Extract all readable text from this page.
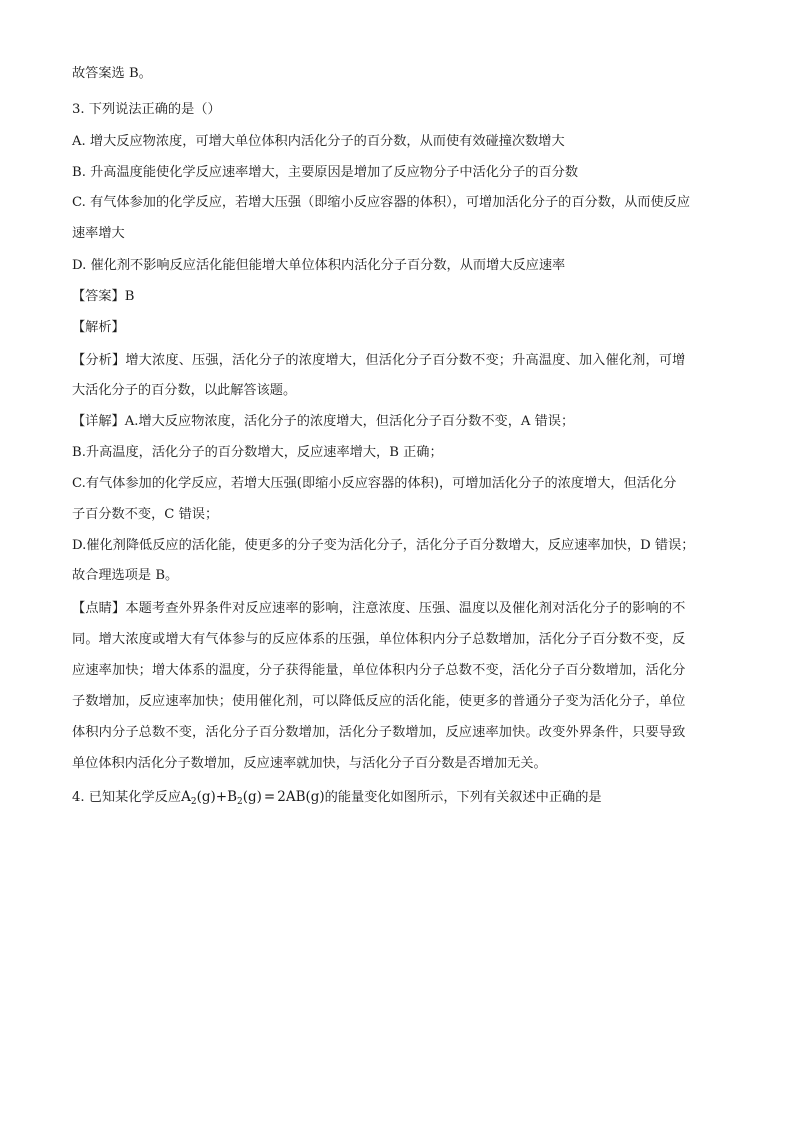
故答案选 B。
3. 下列说法正确的是（）
A. 增大反应物浓度，可增大单位体积内活化分子的百分数，从而使有效碰撞次数增大
B. 升高温度能使化学反应速率增大，主要原因是增加了反应物分子中活化分子的百分数
C. 有气体参加的化学反应，若增大压强（即缩小反应容器的体积），可增加活化分子的百分数，从而使反应
速率增大
D. 催化剂不影响反应活化能但能增大单位体积内活化分子百分数，从而增大反应速率
【答案】B
【解析】
【分析】增大浓度、压强，活化分子的浓度增大，但活化分子百分数不变；升高温度、加入催化剂，可增
大活化分子的百分数，以此解答该题。
【详解】A.增大反应物浓度，活化分子的浓度增大，但活化分子百分数不变，A 错误；
B.升高温度，活化分子的百分数增大，反应速率增大，B 正确；
C.有气体参加的化学反应，若增大压强(即缩小反应容器的体积)，可增加活化分子的浓度增大，但活化分
子百分数不变，C 错误；
D.催化剂降低反应的活化能，使更多的分子变为活化分子，活化分子百分数增大，反应速率加快，D 错误；
故合理选项是 B。
【点睛】本题考查外界条件对反应速率的影响，注意浓度、压强、温度以及催化剂对活化分子的影响的不
同。增大浓度或增大有气体参与的反应体系的压强，单位体积内分子总数增加，活化分子百分数不变，反
应速率加快；增大体系的温度，分子获得能量，单位体积内分子总数不变，活化分子百分数增加，活化分
子数增加，反应速率加快；使用催化剂，可以降低反应的活化能，使更多的普通分子变为活化分子，单位
体积内分子总数不变，活化分子百分数增加，活化分子数增加，反应速率加快。改变外界条件，只要导致
单位体积内活化分子数增加，反应速率就加快，与活化分子百分数是否增加无关。
4. 已知某化学反应$A_2(g)+B_2(g) = 2AB(g)$的能量变化如图所示，下列有关叙述中正确的是
